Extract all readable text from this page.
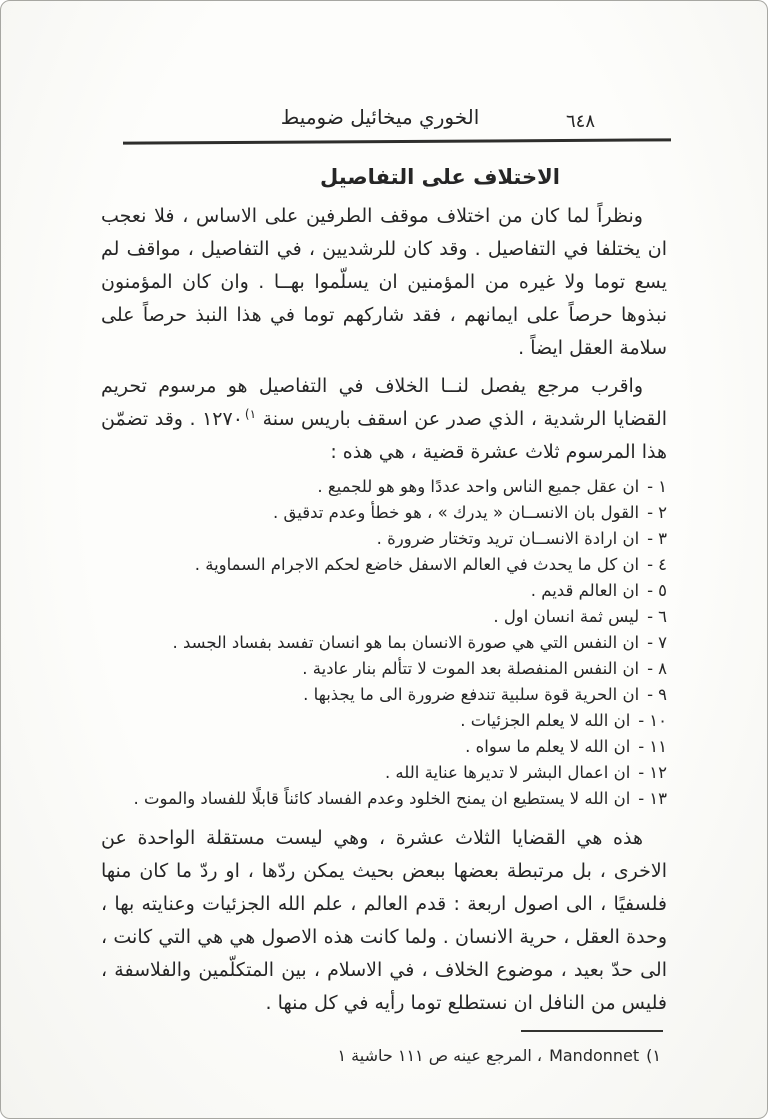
الخوري ميخائيل ضوميط	٦٤٨
الاختلاف على التفاصيل

ونظراً لما كان من اختلاف موقف الطرفين على الاساس ، فلا نعجب ان يختلفا في التفاصيل . وقد كان للرشديين ، في التفاصيل ، مواقف لم يسع توما ولا غيره من المؤمنين ان يسلّموا بهــا . وان كان المؤمنون نبذوها حرصاً على ايمانهم ، فقد شاركهم توما في هذا النبذ حرصاً على سلامة العقل ايضاً .

واقرب مرجع يفصل لنــا الخلاف في التفاصيل هو مرسوم تحريم القضايا الرشدية ، الذي صدر عن اسقف باريس سنة ١٢٧٠$^{(١}$ . وقد تضمّن هذا المرسوم ثلاث عشرة قضية ، هي هذه :

١-ان عقل جميع الناس واحد عددًا وهو هو للجميع .
٢-القول بان الانســان « يدرك » ، هو خطأ وعدم تدقيق .
٣-ان ارادة الانســان تريد وتختار ضرورة .
٤-ان كل ما يحدث في العالم الاسفل خاضع لحكم الاجرام السماوية .
٥-ان العالم قديم .
٦-ليس ثمة انسان اول .
٧-ان النفس التي هي صورة الانسان بما هو انسان تفسد بفساد الجسد .
٨-ان النفس المنفصلة بعد الموت لا تتألم بنار عادية .
٩-ان الحرية قوة سلبية تندفع ضرورة الى ما يجذبها .
١٠-ان الله لا يعلم الجزئيات .
١١-ان الله لا يعلم ما سواه .
١٢-ان اعمال البشر لا تديرها عناية الله .
١٣-ان الله لا يستطيع ان يمنح الخلود وعدم الفساد كائناً قابلًا للفساد والموت .

هذه هي القضايا الثلاث عشرة ، وهي ليست مستقلة الواحدة عن الاخرى ، بل مرتبطة بعضها ببعض بحيث يمكن ردّها ، او ردّ ما كان منها فلسفيًا ، الى اصول اربعة : قدم العالم ، علم الله الجزئيات وعنايته بها ، وحدة العقل ، حرية الانسان . ولما كانت هذه الاصول هي هي التي كانت ، الى حدّ بعيد ، موضوع الخلاف ، في الاسلام ، بين المتكلّمين والفلاسفة ، فليس من النافل ان نستطلع توما رأيه في كل منها .

(١
Mandonnet
، المرجع عينه ص ١١١ حاشية ١
